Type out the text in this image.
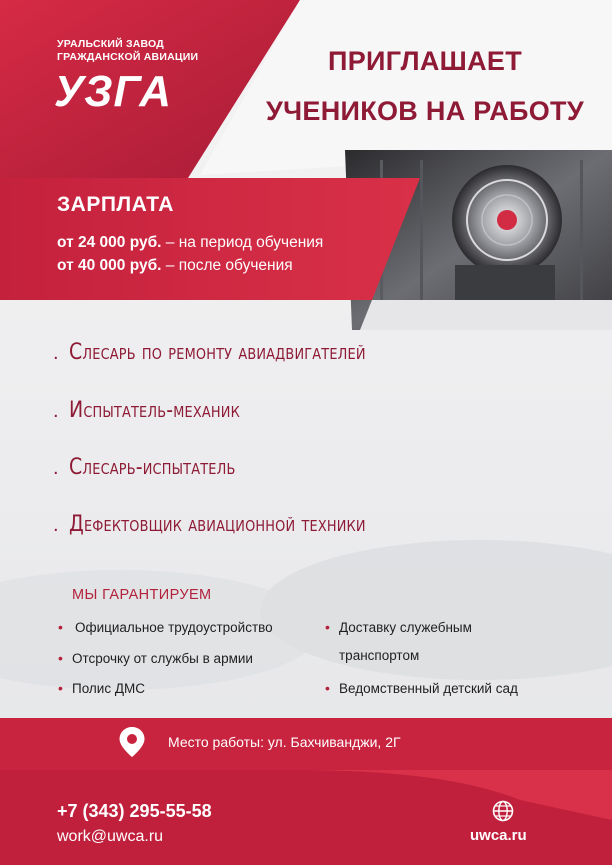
УРАЛЬСКИЙ ЗАВОД
ГРАЖДАНСКОЙ АВИАЦИИ
УЗГА
ПРИГЛАШАЕТ
УЧЕНИКОВ НА РАБОТУ
ЗАРПЛАТА
от 24 000 руб. – на период обучения
от 40 000 руб. – после обучения
. Слесарь по ремонту авиадвигателей
. Испытатель-механик
. Слесарь-испытатель
. Дефектовщик авиационной техники
МЫ ГАРАНТИРУЕМ
• Официальное трудоустройство
• Отсрочку от службы в армии
• Полис ДМС
• Доставку служебным
транспортом
• Ведомственный детский сад
Место работы: ул. Бахчиванджи, 2Г
+7 (343) 295-55-58
work@uwca.ru	uwca.ru
